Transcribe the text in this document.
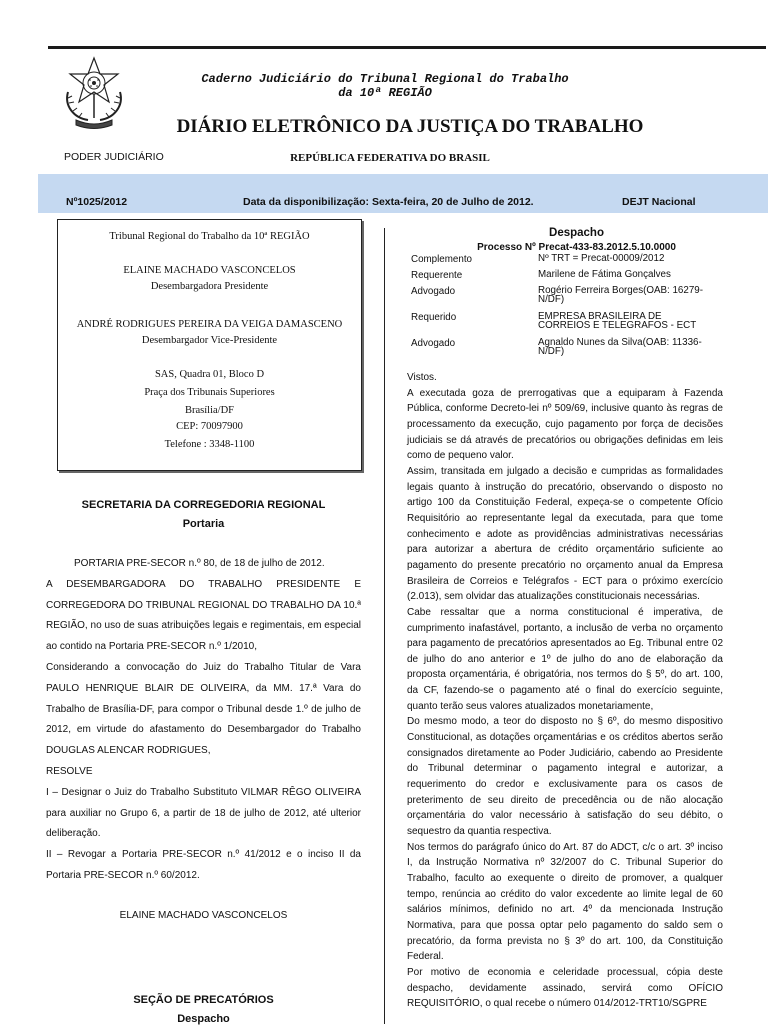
Caderno Judiciário do Tribunal Regional do Trabalho
da 10ª REGIÃO
DIÁRIO ELETRÔNICO DA JUSTIÇA DO TRABALHO
PODER JUDICIÁRIO	REPÚBLICA FEDERATIVA DO BRASIL
Nº1025/2012	Data da disponibilização: Sexta-feira, 20 de Julho de 2012.	DEJT Nacional
Tribunal Regional do Trabalho da 10ª REGIÃO
ELAINE MACHADO VASCONCELOS
Desembargadora Presidente
ANDRÉ RODRIGUES PEREIRA DA VEIGA DAMASCENO
Desembargador Vice-Presidente
SAS, Quadra 01, Bloco D
Praça dos Tribunais Superiores
Brasília/DF
CEP: 70097900
Telefone : 3348-1100
SECRETARIA DA CORREGEDORIA REGIONAL
Portaria

PORTARIA PRE-SECOR n.º 80, de 18 de julho de 2012.

A DESEMBARGADORA DO TRABALHO PRESIDENTE E CORREGEDORA DO TRIBUNAL REGIONAL DO TRABALHO DA 10.ª REGIÃO, no uso de suas atribuições legais e regimentais, em especial ao contido na Portaria PRE-SECOR n.º 1/2010,

Considerando a convocação do Juiz do Trabalho Titular de Vara PAULO HENRIQUE BLAIR DE OLIVEIRA, da MM. 17.ª Vara do Trabalho de Brasília-DF, para compor o Tribunal desde 1.º de julho de 2012, em virtude do afastamento do Desembargador do Trabalho DOUGLAS ALENCAR RODRIGUES,

RESOLVE

I – Designar o Juiz do Trabalho Substituto VILMAR RÊGO OLIVEIRA para auxiliar no Grupo 6, a partir de 18 de julho de 2012, até ulterior deliberação.

II – Revogar a Portaria PRE-SECOR n.º 41/2012 e o inciso II da Portaria PRE-SECOR n.º 60/2012.

ELAINE MACHADO VASCONCELOS
SEÇÃO DE PRECATÓRIOS
Despacho
Despacho
Processo Nº Precat-433-83.2012.5.10.0000
Complemento	Nº TRT = Precat-00009/2012
Requerente	Marilene de Fátima Gonçalves
Advogado	Rogério Ferreira Borges(OAB: 16279-N/DF)
Requerido	EMPRESA BRASILEIRA DE CORREIOS E TELEGRAFOS - ECT
Advogado	Agnaldo Nunes da Silva(OAB: 11336-N/DF)

Vistos.

A executada goza de prerrogativas que a equiparam à Fazenda Pública, conforme Decreto-lei nº 509/69, inclusive quanto às regras de processamento da execução, cujo pagamento por força de decisões judiciais se dá através de precatórios ou obrigações definidas em leis como de pequeno valor.

Assim, transitada em julgado a decisão e cumpridas as formalidades legais quanto à instrução do precatório, observando o disposto no artigo 100 da Constituição Federal, expeça-se o competente Ofício Requisitório ao representante legal da executada, para que tome conhecimento e adote as providências administrativas necessárias para autorizar a abertura de crédito orçamentário suficiente ao pagamento do presente precatório no orçamento anual da Empresa Brasileira de Correios e Telégrafos - ECT para o próximo exercício (2.013), sem olvidar das atualizações constitucionais necessárias.

Cabe ressaltar que a norma constitucional é imperativa, de cumprimento inafastável, portanto, a inclusão de verba no orçamento para pagamento de precatórios apresentados ao Eg. Tribunal entre 02 de julho do ano anterior e 1º de julho do ano de elaboração da proposta orçamentária, é obrigatória, nos termos do § 5º, do art. 100, da CF, fazendo-se o pagamento até o final do exercício seguinte, quanto terão seus valores atualizados monetariamente,

Do mesmo modo, a teor do disposto no § 6º, do mesmo dispositivo Constitucional, as dotações orçamentárias e os créditos abertos serão consignados diretamente ao Poder Judiciário, cabendo ao Presidente do Tribunal determinar o pagamento integral e autorizar, a requerimento do credor e exclusivamente para os casos de preterimento de seu direito de precedência ou de não alocação orçamentária do valor necessário à satisfação do seu débito, o sequestro da quantia respectiva.

Nos termos do parágrafo único do Art. 87 do ADCT, c/c o art. 3º inciso I, da Instrução Normativa nº 32/2007 do C. Tribunal Superior do Trabalho, faculto ao exequente o direito de promover, a qualquer tempo, renúncia ao crédito do valor excedente ao limite legal de 60 salários mínimos, definido no art. 4º da mencionada Instrução Normativa, para que possa optar pelo pagamento do saldo sem o precatório, da forma prevista no § 3º do art. 100, da Constituição Federal.

Por motivo de economia e celeridade processual, cópia deste despacho, devidamente assinado, servirá como OFÍCIO REQUISITÓRIO, o qual recebe o número 014/2012-TRT10/SGPRE
